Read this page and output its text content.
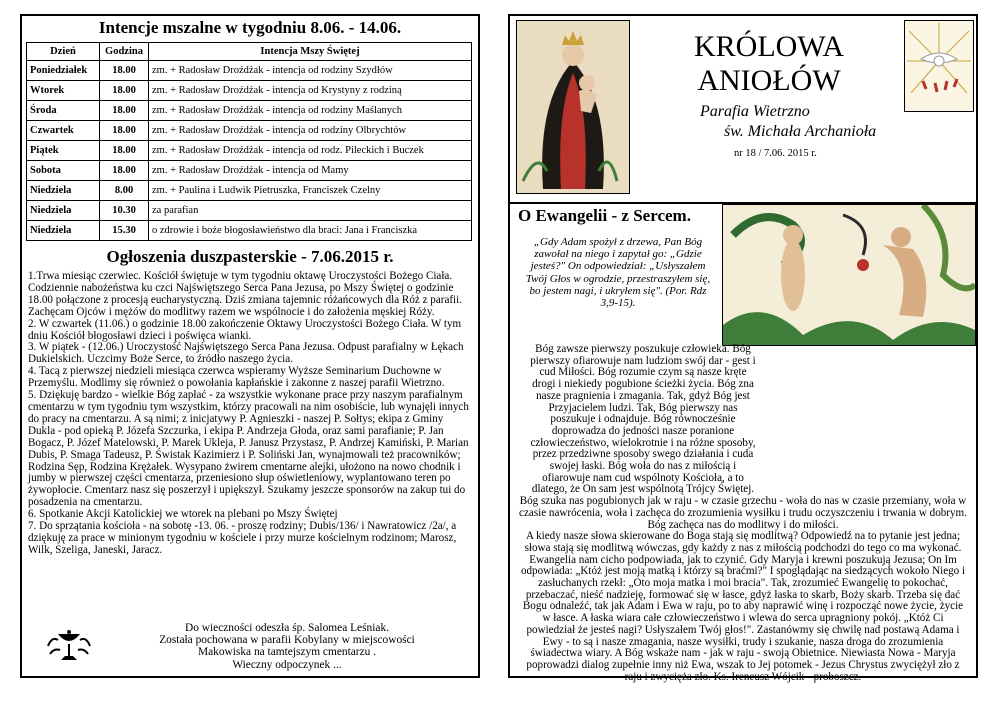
Intencje mszalne w tygodniu 8.06. - 14.06.
Dzień	Godzina	Intencja Mszy Świętej
Poniedziałek	18.00	zm. + Radosław Droźdżak - intencja od rodziny Szydłów
Wtorek	18.00	zm. + Radosław Droźdżak - intencja od Krystyny z rodziną
Środa	18.00	zm. + Radosław Droźdżak - intencja od rodziny Maślanych
Czwartek	18.00	zm. + Radosław Droźdżak - intencja od rodziny Olbrychtów
Piątek	18.00	zm. + Radosław Droźdżak - intencja od rodz. Pileckich i Buczek
Sobota	18.00	zm. + Radosław Droźdżak - intencja od Mamy
Niedziela	8.00	zm. + Paulina i Ludwik Pietruszka, Franciszek Czelny
Niedziela	10.30	za parafian
Niedziela	15.30	o zdrowie i boże błogosławieństwo dla braci: Jana i Franciszka
Ogłoszenia duszpasterskie - 7.06.2015 r.

1.Trwa miesiąc czerwiec. Kościół świętuje w tym tygodniu oktawę Uroczystości Bożego Ciała. Codziennie nabożeństwa ku czci Najświętszego Serca Pana Jezusa, po Mszy Świętej o godzinie 18.00 połączone z procesją eucharystyczną. Dziś zmiana tajemnic różańcowych dla Róż z parafii. Zachęcam Ojców i mężów do modlitwy razem we wspólnocie i do założenia męskiej Róży.

2. W czwartek (11.06.) o godzinie 18.00 zakończenie Oktawy Uroczystości Bożego Ciała. W tym dniu Kościół błogosławi dzieci i poświęca wianki.

3. W piątek - (12.06.) Uroczystość Najświętszego Serca Pana Jezusa. Odpust parafialny w Łękach Dukielskich. Uczcimy Boże Serce, to źródło naszego życia.

4. Tacą z pierwszej niedzieli miesiąca czerwca wspieramy Wyższe Seminarium Duchowne w Przemyślu. Modlimy się również o powołania kapłańskie i zakonne z naszej parafii Wietrzno.

5. Dziękuję bardzo - wielkie Bóg zapłać - za wszystkie wykonane prace przy naszym parafialnym cmentarzu w tym tygodniu tym wszystkim, którzy pracowali na nim osobiście, lub wynajęli innych do pracy na cmentarzu. A są nimi; z inicjatywy P. Agnieszki - naszej P. Sołtys; ekipa z Gminy Dukla - pod opieką P. Józefa Szczurka, i ekipa P. Andrzeja Głoda, oraz sami parafianie; P. Jan Bogacz, P. Józef Matelowski, P. Marek Ukleja, P. Janusz Przystasz, P. Andrzej Kamiński, P. Marian Dubis, P. Smaga Tadeusz, P. Świstak Kazimierz i P. Soliński Jan, wynajmowali też pracowników; Rodzina Sęp, Rodzina Krężałek. Wysypano żwirem cmentarne alejki, ułożono na nowo chodnik i jumby w pierwszej części cmentarza, przeniesiono słup oświetleniowy, wyplantowano teren po żywopłocie. Cmentarz nasz się poszerzył i upiększył. Szukamy jeszcze sponsorów na zakup tui do posadzenia na cmentarzu.

6. Spotkanie Akcji Katolickiej we wtorek na plebani po Mszy Świętej

7. Do sprzątania kościoła - na sobotę -13. 06. - proszę rodziny; Dubis/136/ i Nawratowicz /2a/, a dziękuję za prace w minionym tygodniu w kościele i przy murze kościelnym rodzinom; Marosz, Wilk, Szeliga, Janeski, Jaracz.

Do wieczności odeszła śp. Salomea Leśniak.
Została pochowana w parafii Kobylany w miejscowości
Makowiska na tamtejszym cmentarzu .
Wieczny odpoczynek ...
KRÓLOWA
ANIOŁÓW
Parafia Wietrzno
św. Michała Archanioła
nr 18 / 7.06. 2015 r.
O Ewangelii - z Sercem.
„Gdy Adam spożył z drzewa, Pan Bóg zawołał na niego i zapytał go: „Gdzie jesteś?" On odpowiedział: „Usłyszałem Twój Głos w ogrodzie, przestraszyłem się, bo jestem nagi, i ukryłem się". (Por. Rdz 3,9-15).

Bóg zawsze pierwszy poszukuje człowieka. Bóg pierwszy ofiarowuje nam ludziom swój dar - gest i cud Miłości. Bóg rozumie czym są nasze kręte drogi i niekiedy pogubione ścieżki życia. Bóg zna nasze pragnienia i zmagania. Tak, gdyż Bóg jest Przyjacielem ludzi. Tak, Bóg pierwszy nas poszukuje i odnajduje. Bóg równocześnie doprowadza do jedności nasze poranione człowieczeństwo, wielokrotnie i na różne sposoby, przez przedziwne sposoby swego działania i cuda swojej łaski. Bóg woła do nas z miłością i ofiarowuje nam cud wspólnoty Kościoła, a to dlatego, że On sam jest wspólnotą Trójcy Świętej.

Bóg szuka nas pogubionych jak w raju - w czasie grzechu - woła do nas w czasie przemiany, woła w czasie nawrócenia, woła i zachęca do zrozumienia wysiłku i trudu oczyszczeniu i trwania w dobrym. Bóg zachęca nas do modlitwy i do miłości.

A kiedy nasze słowa skierowane do Boga stają się modlitwą? Odpowiedź na to pytanie jest jedna; słowa stają się modlitwą wówczas, gdy każdy z nas z miłością podchodzi do tego co ma wykonać. Ewangelia nam cicho podpowiada, jak to czynić. Gdy Maryja i krewni poszukują Jezusa; On Im odpowiada: „Któż jest moją matką i którzy są braćmi?" I spoglądając na siedzących wokoło Niego i zasłuchanych rzekł: „Oto moja matka i moi bracia". Tak, zrozumieć Ewangelię to pokochać, przebaczać, nieść nadzieję, formować się w łasce, gdyż łaska to skarb, Boży skarb. Trzeba się dać Bogu odnaleźć, tak jak Adam i Ewa w raju, po to aby naprawić winę i rozpocząć nowe życie, życie w łasce. A łaska wiara całe człowieczeństwo i wlewa do serca upragniony pokój. „Któż Ci powiedział że jesteś nagi? Usłyszałem Twój głos!". Zastanówmy się chwilę nad postawą Adama i Ewy - to są i nasze zmagania, nasze wysiłki, trudy i szukanie, nasza droga do zrozumienia świadectwa wiary. A Bóg wskaże nam - jak w raju - swoją Obietnice. Niewiasta Nowa - Maryja poprowadzi dialog zupełnie inny niż Ewa, wszak to Jej potomek - Jezus Chrystus zwyciężył zło z raju i zwycięża zło. Ks. Ireneusz Wójcik - proboszcz.
